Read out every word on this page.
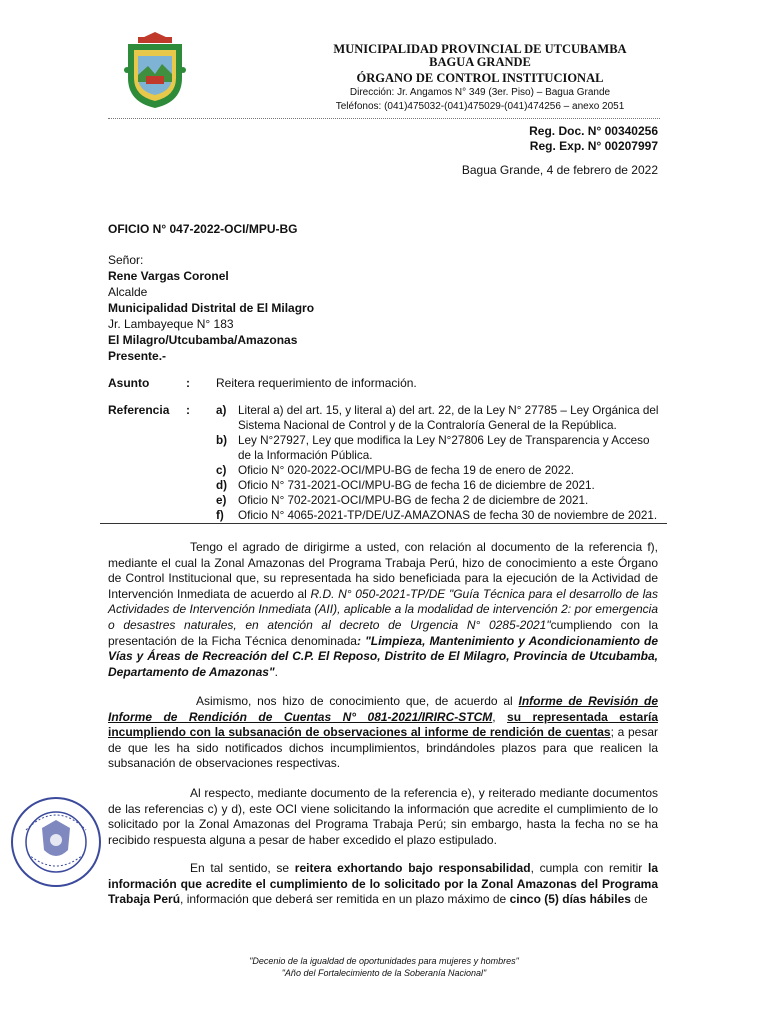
MUNICIPALIDAD PROVINCIAL DE UTCUBAMBA
BAGUA GRANDE
ÓRGANO DE CONTROL INSTITUCIONAL
Dirección: Jr. Angamos N° 349 (3er. Piso) – Bagua Grande
Teléfonos: (041)475032-(041)475029-(041)474256 – anexo 2051
Reg. Doc. N° 00340256
Reg. Exp. N° 00207997
Bagua Grande, 4 de febrero de 2022
OFICIO N° 047-2022-OCI/MPU-BG
Señor:
Rene Vargas Coronel
Alcalde
Municipalidad Distrital de El Milagro
Jr. Lambayeque N° 183
El Milagro/Utcubamba/Amazonas
Presente.-
Asunto	: Reitera requerimiento de información.
Referencia : a) Literal a) del art. 15, y literal a) del art. 22, de la Ley N° 27785 – Ley Orgánica del Sistema Nacional de Control y de la Contraloría General de la República.
b) Ley N°27927, Ley que modifica la Ley N°27806 Ley de Transparencia y Acceso de la Información Pública.
c) Oficio N° 020-2022-OCI/MPU-BG de fecha 19 de enero de 2022.
d) Oficio N° 731-2021-OCI/MPU-BG de fecha 16 de diciembre de 2021.
e) Oficio N° 702-2021-OCI/MPU-BG de fecha 2 de diciembre de 2021.
f)	Oficio N° 4065-2021-TP/DE/UZ-AMAZONAS de fecha 30 de noviembre de 2021.
Tengo el agrado de dirigirme a usted, con relación al documento de la referencia f), mediante el cual la Zonal Amazonas del Programa Trabaja Perú, hizo de conocimiento a este Órgano de Control Institucional que, su representada ha sido beneficiada para la ejecución de la Actividad de Intervención Inmediata de acuerdo al R.D. N° 050-2021-TP/DE "Guía Técnica para el desarrollo de las Actividades de Intervención Inmediata (AII), aplicable a la modalidad de intervención 2: por emergencia o desastres naturales, en atención al decreto de Urgencia N° 0285-2021"cumpliendo con la presentación de la Ficha Técnica denominada: "Limpieza, Mantenimiento y Acondicionamiento de Vías y Áreas de Recreación del C.P. El Reposo, Distrito de El Milagro, Provincia de Utcubamba, Departamento de Amazonas".
Asimismo, nos hizo de conocimiento que, de acuerdo al Informe de Revisión de Informe de Rendición de Cuentas N° 081-2021/IRIRC-STCM, su representada estaría incumpliendo con la subsanación de observaciones al informe de rendición de cuentas; a pesar de que les ha sido notificados dichos incumplimientos, brindándoles plazos para que realicen la subsanación de observaciones respectivas.
Al respecto, mediante documento de la referencia e), y reiterado mediante documentos de las referencias c) y d), este OCI viene solicitando la información que acredite el cumplimiento de lo solicitado por la Zonal Amazonas del Programa Trabaja Perú; sin embargo, hasta la fecha no se ha recibido respuesta alguna a pesar de haber excedido el plazo estipulado.
En tal sentido, se reitera exhortando bajo responsabilidad, cumpla con remitir la información que acredite el cumplimiento de lo solicitado por la Zonal Amazonas del Programa Trabaja Perú, información que deberá ser remitida en un plazo máximo de cinco (5) días hábiles de
"Decenio de la igualdad de oportunidades para mujeres y hombres"
"Año del Fortalecimiento de la Soberanía Nacional"
